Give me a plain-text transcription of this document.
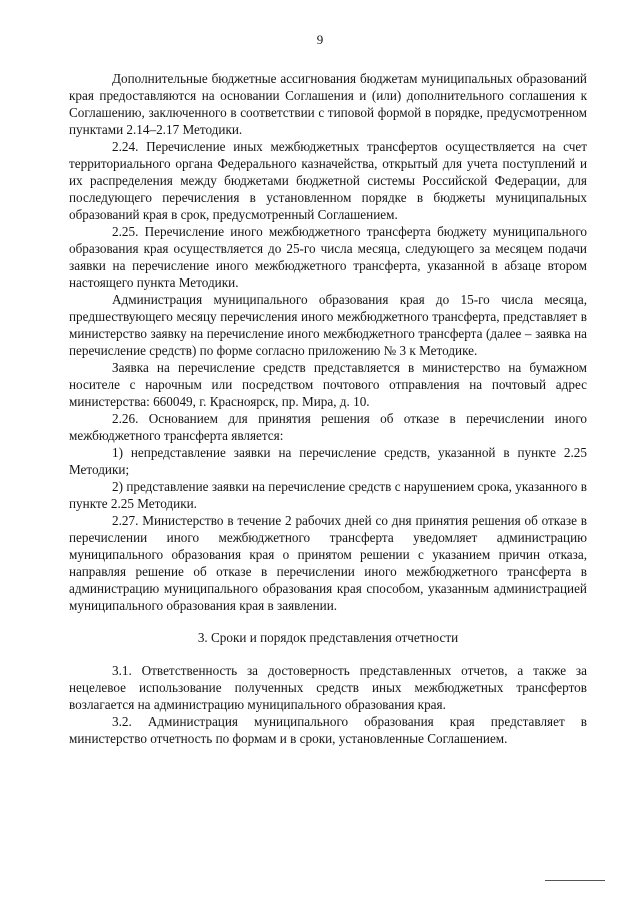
9

Дополнительные бюджетные ассигнования бюджетам муниципальных образований края предоставляются на основании Соглашения и (или) дополнительного соглашения к Соглашению, заключенного в соответствии с типовой формой в порядке, предусмотренном пунктами 2.14–2.17 Методики.

2.24. Перечисление иных межбюджетных трансфертов осуществляется на счет территориального органа Федерального казначейства, открытый для учета поступлений и их распределения между бюджетами бюджетной системы Российской Федерации, для последующего перечисления в установленном порядке в бюджеты муниципальных образований края в срок, предусмотренный Соглашением.

2.25. Перечисление иного межбюджетного трансферта бюджету муниципального образования края осуществляется до 25-го числа месяца, следующего за месяцем подачи заявки на перечисление иного межбюджетного трансферта, указанной в абзаце втором настоящего пункта Методики.

Администрация муниципального образования края до 15-го числа месяца, предшествующего месяцу перечисления иного межбюджетного трансферта, представляет в министерство заявку на перечисление иного межбюджетного трансферта (далее – заявка на перечисление средств) по форме согласно приложению № 3 к Методике.

Заявка на перечисление средств представляется в министерство на бумажном носителе с нарочным или посредством почтового отправления на почтовый адрес министерства: 660049, г. Красноярск, пр. Мира, д. 10.

2.26. Основанием для принятия решения об отказе в перечислении иного межбюджетного трансферта является:

1) непредставление заявки на перечисление средств, указанной в пункте 2.25 Методики;

2) представление заявки на перечисление средств с нарушением срока, указанного в пункте 2.25 Методики.

2.27. Министерство в течение 2 рабочих дней со дня принятия решения об отказе в перечислении иного межбюджетного трансферта уведомляет администрацию муниципального образования края о принятом решении с указанием причин отказа, направляя решение об отказе в перечислении иного межбюджетного трансферта в администрацию муниципального образования края способом, указанным администрацией муниципального образования края в заявлении.

3. Сроки и порядок представления отчетности

3.1. Ответственность за достоверность представленных отчетов, а также за нецелевое использование полученных средств иных межбюджетных трансфертов возлагается на администрацию муниципального образования края.

3.2. Администрация муниципального образования края представляет в министерство отчетность по формам и в сроки, установленные Соглашением.
